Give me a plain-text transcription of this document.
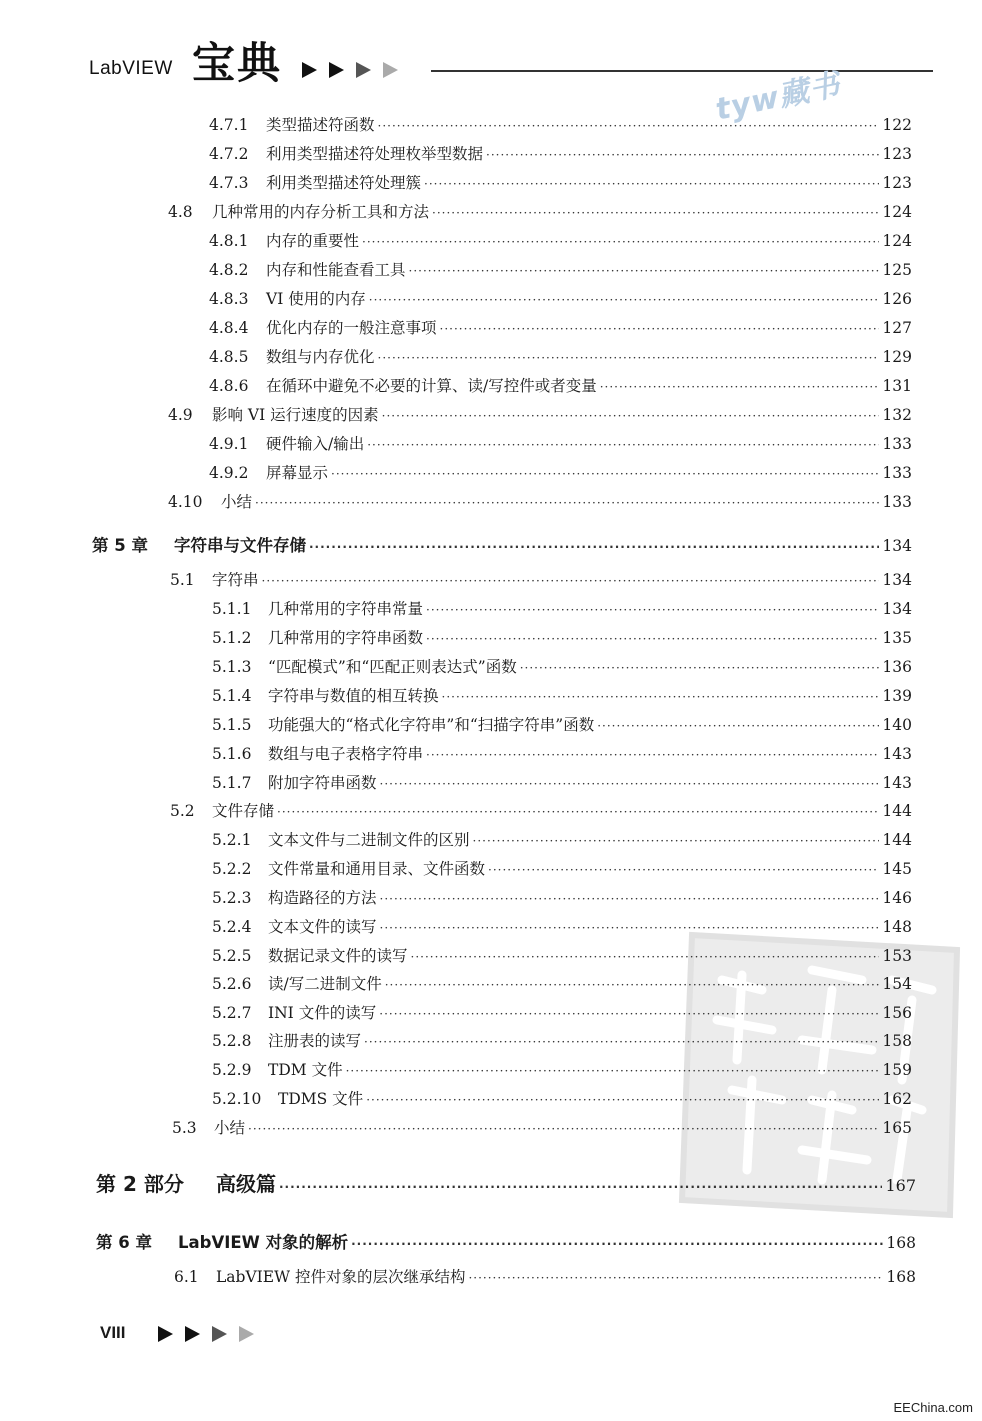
LabVIEW 宝典
tyw藏书
4.7.1	类型描述符函数 ·····	122
4.7.2	利用类型描述符处理枚举型数据 ·····	123
4.7.3	利用类型描述符处理簇 ·····	123
4.8	几种常用的内存分析工具和方法 ·····	124
4.8.1	内存的重要性 ·····	124
4.8.2	内存和性能查看工具 ·····	125
4.8.3	VI 使用的内存 ·····	126
4.8.4	优化内存的一般注意事项 ·····	127
4.8.5	数组与内存优化 ·····	129
4.8.6	在循环中避免不必要的计算、读/写控件或者变量 ·····	131
4.9	影响 VI 运行速度的因素 ·····	132
4.9.1	硬件输入/输出 ·····	133
4.9.2	屏幕显示 ·····	133
4.10	小结 ·····	133
第 5 章	字符串与文件存储 ·····	134
5.1	字符串 ·····	134
5.1.1	几种常用的字符串常量 ·····	134
5.1.2	几种常用的字符串函数 ·····	135
5.1.3	“匹配模式”和“匹配正则表达式”函数 ·····	136
5.1.4	字符串与数值的相互转换 ·····	139
5.1.5	功能强大的“格式化字符串”和“扫描字符串”函数 ·····	140
5.1.6	数组与电子表格字符串 ·····	143
5.1.7	附加字符串函数 ·····	143
5.2	文件存储 ·····	144
5.2.1	文本文件与二进制文件的区别 ·····	144
5.2.2	文件常量和通用目录、文件函数 ·····	145
5.2.3	构造路径的方法 ·····	146
5.2.4	文本文件的读写 ·····	148
5.2.5	数据记录文件的读写 ·····	153
5.2.6	读/写二进制文件 ·····	154
5.2.7	INI 文件的读写 ·····	156
5.2.8	注册表的读写 ·····	158
5.2.9	TDM 文件 ·····	159
5.2.10	TDMS 文件 ·····	162
5.3	小结 ·····	165
第 2 部分	高级篇 ·····	167
第 6 章	LabVIEW 对象的解析 ·····	168
6.1	LabVIEW 控件对象的层次继承结构 ·····	168
VIII
EEChina.com
